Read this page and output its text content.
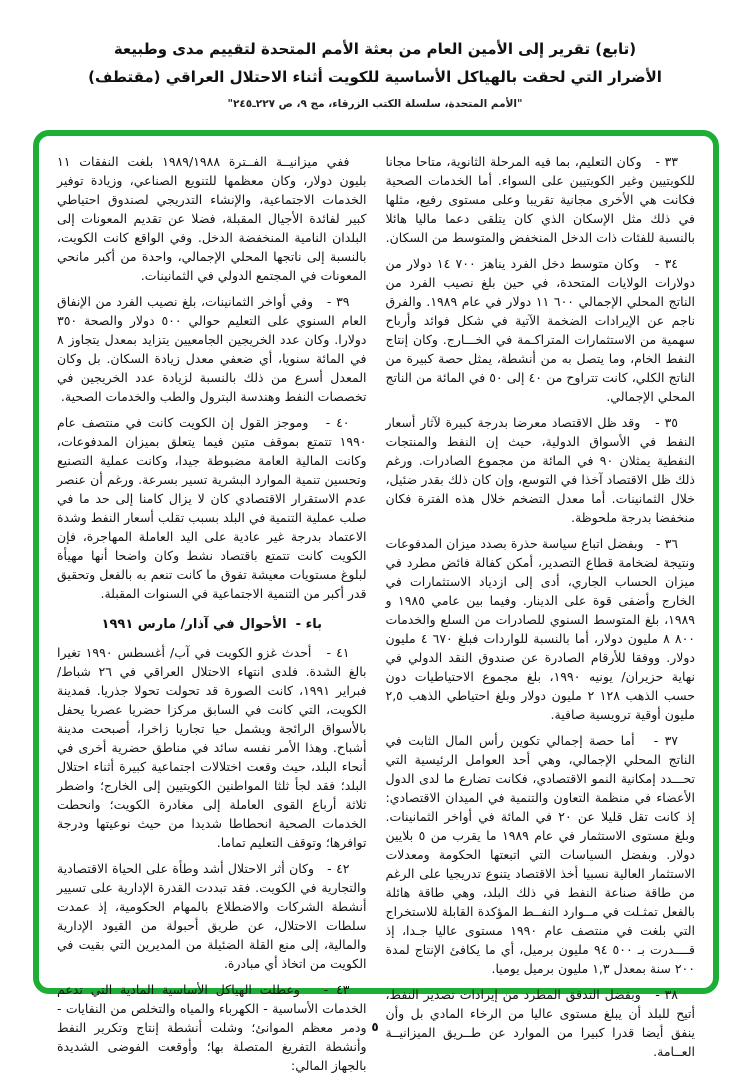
(تابع) تقرير إلى الأمين العام من بعثة الأمم المتحدة لتقييم مدى وطبيعة
الأضرار التي لحقت بالهياكل الأساسية للكويت أثناء الاحتلال العراقي (مقتطف)
"الأمم المتحدة، سلسلة الكتب الزرقاء، مج ٩، ص ٢٢٧ـ٢٤٥"

٣٣ -   وكان التعليم، بما فيه المرحلة الثانوية، متاحا مجانا للكويتيين وغير الكويتيين على السواء. أما الخدمات الصحية فكانت هي الأخرى مجانية تقريبا وعلى مستوى رفيع، مثلها في ذلك مثل الإسكان الذي كان يتلقى دعما ماليا هائلا بالنسبة للفئات ذات الدخل المنخفض والمتوسط من السكان.

٣٤ -   وكان متوسط دخل الفرد يناهز ٧٠٠ ١٤ دولار من دولارات الولايات المتحدة، في حين بلغ نصيب الفرد من الناتج المحلي الإجمالي ٦٠٠ ١١ دولار في عام ١٩٨٩. والفرق ناجم عن الإيرادات الضخمة الآتية في شكل فوائد وأرباح سهمية من الاستثمارات المتراكـمة في الخـــارج. وكان إنتاج النفط الخام، وما يتصل به من أنشطة، يمثل حصة كبيرة من الناتج الكلي، كانت تتراوح من ٤٠ إلى ٥٠ في المائة من الناتج المحلي الإجمالي.

٣٥ -   وقد ظل الاقتصاد معرضا بدرجة كبيرة لآثار أسعار النفط في الأسواق الدولية، حيث إن النفط والمنتجات النفطية يمثلان ٩٠ في المائة من مجموع الصادرات. ورغم ذلك ظل الاقتصاد آخذا في التوسع، وإن كان ذلك بقدر ضئيل، خلال الثمانينات. أما معدل التضخم خلال هذه الفترة فكان منخفضا بدرجة ملحوظة.

٣٦ -   وبفضل اتباع سياسة حذرة بصدد ميزان المدفوعات ونتيجة لضخامة قطاع التصدير، أمكن كفالة فائض مطرد في ميزان الحساب الجاري، أدى إلى ازدياد الاستثمارات في الخارج وأضفى قوة على الدينار. وفيما بين عامي ١٩٨٥ و ١٩٨٩، بلغ المتوسط السنوي للصادرات من السلع والخدمات ٨٠٠ ٨ مليون دولار، أما بالنسبة للواردات فبلغ ٦٧٠ ٤ مليون دولار. ووفقا للأرقام الصادرة عن صندوق النقد الدولي في نهاية حزيران/ يونيه ١٩٩٠، بلغ مجموع الاحتياطيات دون حسب الذهب ١٢٨ ٢ مليون دولار وبلغ احتياطي الذهب ٢,٥ مليون أوقية ترويسية صافية.

٣٧ -   أما حصة إجمالي تكوين رأس المال الثابت في الناتج المحلي الإجمالي، وهي أحد العوامل الرئيسية التي تحـــدد إمكانية النمو الاقتصادي، فكانت تضارع ما لدى الدول الأعضاء في منظمة التعاون والتنمية في الميدان الاقتصادي: إذ كانت تقل قليلا عن ٢٠ في المائة في أواخر الثمانينات. وبلغ مستوى الاستثمار في عام ١٩٨٩ ما يقرب من ٥ بلايين دولار. وبفضل السياسات التي اتبعتها الحكومة ومعدلات الاستثمار العالية نسبيا أخذ الاقتصاد يتنوع تدريجيا على الرغم من طاقة صناعة النفط في ذلك البلد، وهي طاقة هائلة بالفعل تمثـلت في مــوارد النفــط المؤكدة القابلة للاستخراج التي بلغت في منتصف عام ١٩٩٠ مستوى عاليا جـدا، إذ قــــدرت بـ ٥٠٠ ٩٤ مليون برميل، أي ما يكافئ الإنتاج لمدة ٢٠٠ سنة بمعدل ١,٣ مليون برميل يوميا.

٣٨ -   وبفضل التدفق المطرد من إيرادات تصدير النفط، أتيح للبلد أن يبلغ مستوى عاليا من الرخاء المادي بل وأن ينفق أيضا قدرا كبيرا من الموارد عن طــريق الميزانيــة العــامة.

ففي ميزانيــة الفــترة ١٩٨٩/١٩٨٨ بلغت النفقات ١١ بليون دولار، وكان معظمها للتنويع الصناعي، وزيادة توفير الخدمات الاجتماعية، والإنشاء التدريجي لصندوق احتياطي كبير لفائدة الأجيال المقبلة، فضلا عن تقديم المعونات إلى البلدان النامية المنخفضة الدخل. وفي الواقع كانت الكويت، بالنسبة إلى ناتجها المحلي الإجمالي، واحدة من أكبر مانحي المعونات في المجتمع الدولي في الثمانينات.

٣٩ -   وفي أواخر الثمانينات، بلغ نصيب الفرد من الإنفاق العام السنوي على التعليم حوالي ٥٠٠ دولار والصحة ٣٥٠ دولارا. وكان عدد الخريجين الجامعيين يتزايد بمعدل يتجاوز ٨ في المائة سنويا، أي ضعفي معدل زيادة السكان. بل وكان المعدل أسرع من ذلك بالنسبة لزيادة عدد الخريجين في تخصصات النفط وهندسة البترول والطب والخدمات الصحية.

٤٠ -   وموجز القول إن الكويت كانت في منتصف عام ١٩٩٠ تتمتع بموقف متين فيما يتعلق بميزان المدفوعات، وكانت المالية العامة مضبوطة جيدا، وكانت عملية التصنيع وتحسين تنمية الموارد البشرية تسير بسرعة. ورغم أن عنصر عدم الاستقرار الاقتصادي كان لا يزال كامنا إلى حد ما في صلب عملية التنمية في البلد بسبب تقلب أسعار النفط وشدة الاعتماد بدرجة غير عادية على اليد العاملة المهاجرة، فإن الكويت كانت تتمتع باقتصاد نشط وكان واضحا أنها مهيأة لبلوغ مستويات معيشة تفوق ما كانت تنعم به بالفعل وتحقيق قدر أكبر من التنمية الاجتماعية في السنوات المقبلة.

باء -  الأحوال في آذار/ مارس ١٩٩١

٤١ -   أحدث غزو الكويت في آب/ أغسطس ١٩٩٠ تغيرا بالغ الشدة. فلدى انتهاء الاحتلال العراقي في ٢٦ شباط/ فبراير ١٩٩١، كانت الصورة قد تحولت تحولا جذريا. فمدينة الكويت، التي كانت في السابق مركزا حضريا عصريا يحفل بالأسواق الرائجة ويشمل حيا تجاريا زاخرا، أصبحت مدينة أشباح. وهذا الأمر نفسه سائد في مناطق حضرية أخرى في أنحاء البلد، حيث وقعت اختلالات اجتماعية كبيرة أثناء احتلال البلد؛ فقد لجأ ثلثا المواطنين الكويتيين إلى الخارج؛ واضطر ثلاثة أرباع القوى العاملة إلى مغادرة الكويت؛ وانحطت الخدمات الصحية انحطاطا شديدا من حيث نوعيتها ودرجة توافرها؛ وتوقف التعليم تماما.

٤٢ -   وكان أثر الاحتلال أشد وطأة على الحياة الاقتصادية والتجارية في الكويت. فقد تبددت القدرة الإدارية على تسيير أنشطة الشركات والاضطلاع بالمهام الحكومية، إذ عمدت سلطات الاحتلال، عن طريق أحبولة من القيود الإدارية والمالية، إلى منع القلة الضئيلة من المديرين التي بقيت في الكويت من اتخاذ أي مبادرة.

٤٣ -   وعطلت الهياكل الأساسية المادية التي تدعم الخدمات الأساسية - الكهرباء والمياه والتخلص من النفايات - ودمر معظم الموانئ؛ وشلت أنشطة إنتاج وتكرير النفط وأنشطة التفريغ المتصلة بها؛ وأوقعت الفوضى الشديدة بالجهاز المالي:

٥
